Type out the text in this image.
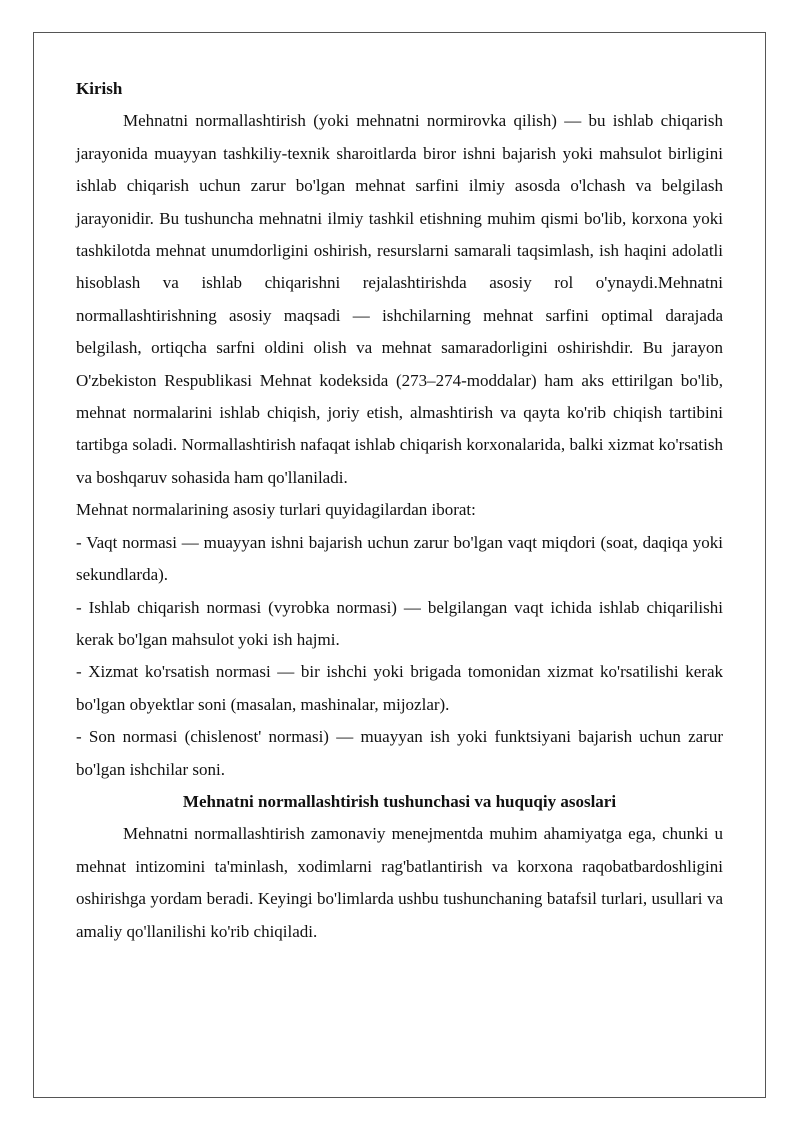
Kirish

Mehnatni normallashtirish (yoki mehnatni normirovka qilish) — bu ishlab chiqarish jarayonida muayyan tashkiliy-texnik sharoitlarda biror ishni bajarish yoki mahsulot birligini ishlab chiqarish uchun zarur bo'lgan mehnat sarfini ilmiy asosda o'lchash va belgilash jarayonidir. Bu tushuncha mehnatni ilmiy tashkil etishning muhim qismi bo'lib, korxona yoki tashkilotda mehnat unumdorligini oshirish, resurslarni samarali taqsimlash, ish haqini adolatli hisoblash va ishlab chiqarishni rejalashtirishda asosiy rol o'ynaydi.Mehnatni normallashtirishning asosiy maqsadi — ishchilarning mehnat sarfini optimal darajada belgilash, ortiqcha sarfni oldini olish va mehnat samaradorligini oshirishdir. Bu jarayon O'zbekiston Respublikasi Mehnat kodeksida (273–274-moddalar) ham aks ettirilgan bo'lib, mehnat normalarini ishlab chiqish, joriy etish, almashtirish va qayta ko'rib chiqish tartibini tartibga soladi. Normallashtirish nafaqat ishlab chiqarish korxonalarida, balki xizmat ko'rsatish va boshqaruv sohasida ham qo'llaniladi.

Mehnat normalarining asosiy turlari quyidagilardan iborat:

- Vaqt normasi — muayyan ishni bajarish uchun zarur bo'lgan vaqt miqdori (soat, daqiqa yoki sekundlarda).

- Ishlab chiqarish normasi (vyrobka normasi) — belgilangan vaqt ichida ishlab chiqarilishi kerak bo'lgan mahsulot yoki ish hajmi.

- Xizmat ko'rsatish normasi — bir ishchi yoki brigada tomonidan xizmat ko'rsatilishi kerak bo'lgan obyektlar soni (masalan, mashinalar, mijozlar).

- Son normasi (chislenost' normasi) — muayyan ish yoki funktsiyani bajarish uchun zarur bo'lgan ishchilar soni.

Mehnatni normallashtirish tushunchasi va huquqiy asoslari

Mehnatni normallashtirish zamonaviy menejmentda muhim ahamiyatga ega, chunki u mehnat intizomini ta'minlash, xodimlarni rag'batlantirish va korxona raqobatbardoshligini oshirishga yordam beradi. Keyingi bo'limlarda ushbu tushunchaning batafsil turlari, usullari va amaliy qo'llanilishi ko'rib chiqiladi.
